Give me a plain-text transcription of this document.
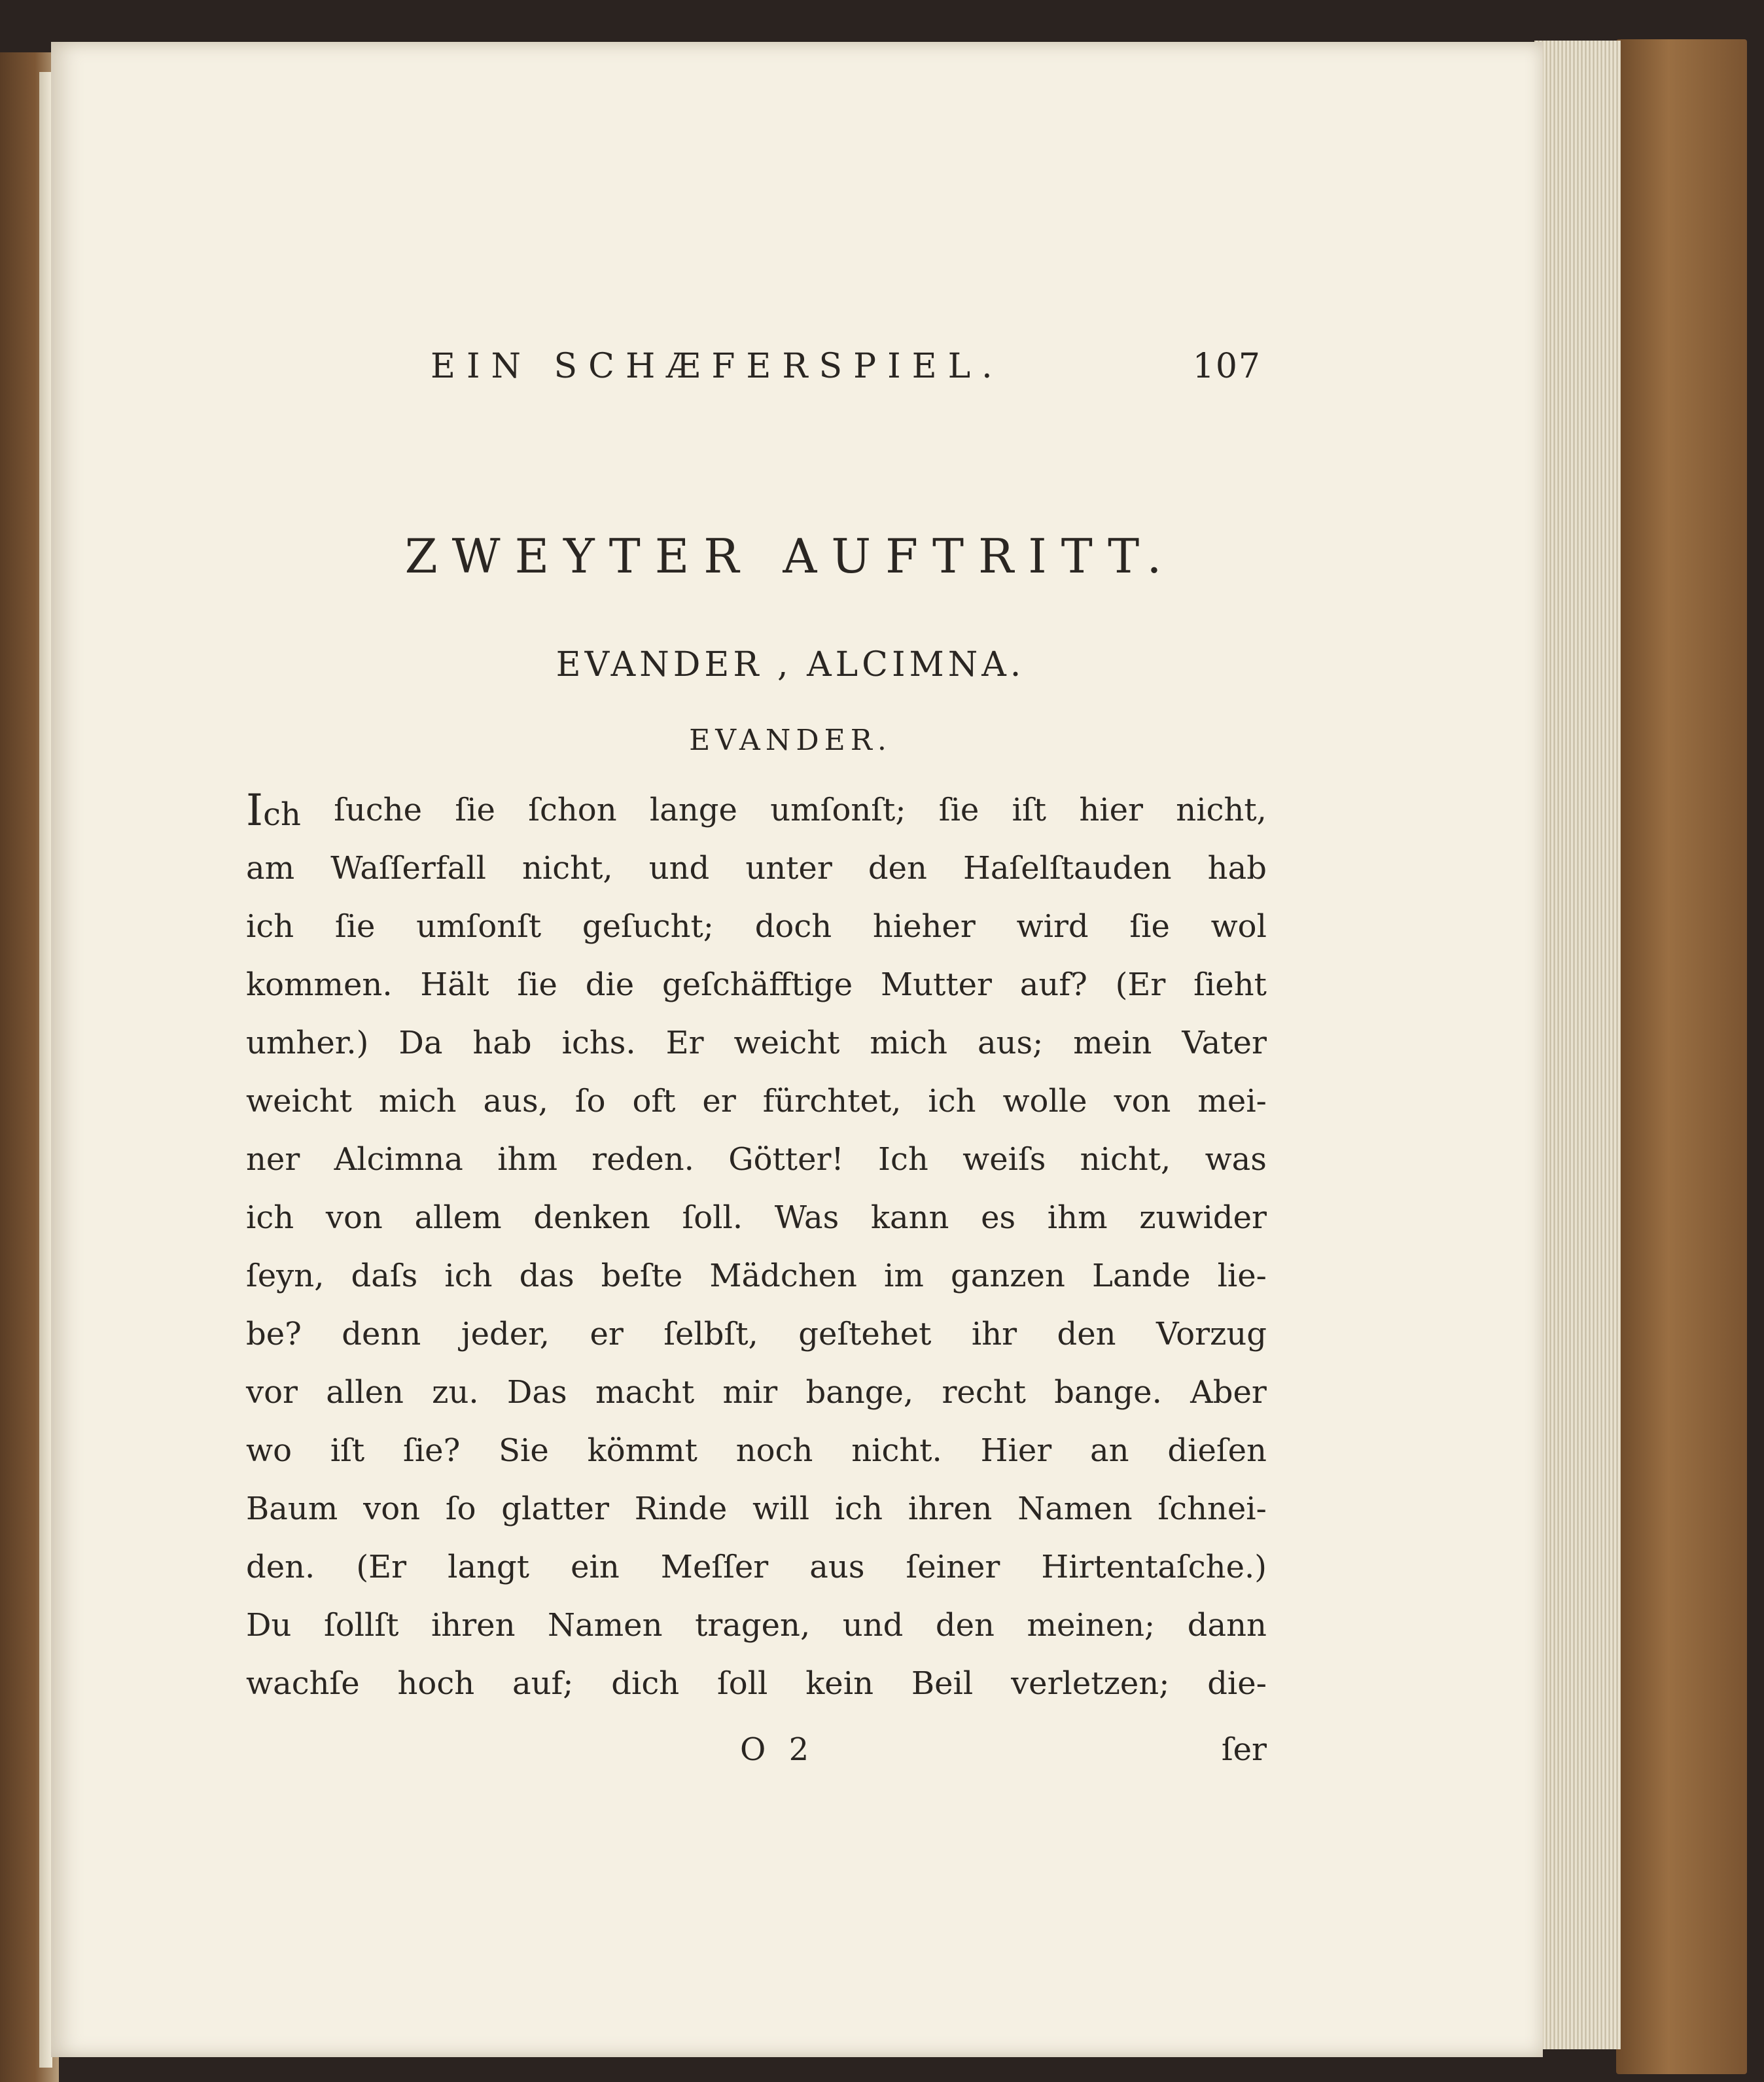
EIN SCHÆFERSPIEL.	107
ZWEYTER AUFTRITT.
EVANDER , ALCIMNA.
EVANDER.
Ich ſuche ſie ſchon lange umſonſt; ſie iſt hier nicht,
am Waſſerfall nicht, und unter den Haſelſtauden hab
ich ſie umſonſt geſucht; doch hieher wird ſie wol
kommen. Hält ſie die geſchäfftige Mutter auf? (Er ſieht
umher.) Da hab ichs. Er weicht mich aus; mein Vater
weicht mich aus, ſo oft er fürchtet, ich wolle von mei-
ner Alcimna ihm reden. Götter! Ich weiſs nicht, was
ich von allem denken ſoll. Was kann es ihm zuwider
ſeyn, daſs ich das beſte Mädchen im ganzen Lande lie-
be? denn jeder, er ſelbſt, geſtehet ihr den Vorzug
vor allen zu. Das macht mir bange, recht bange. Aber
wo iſt ſie? Sie kömmt noch nicht. Hier an dieſen
Baum von ſo glatter Rinde will ich ihren Namen ſchnei-
den. (Er langt ein Meſſer aus ſeiner Hirtentaſche.)
Du ſollſt ihren Namen tragen, und den meinen; dann
wachſe hoch auf; dich ſoll kein Beil verletzen; die-
O 2	ſer
